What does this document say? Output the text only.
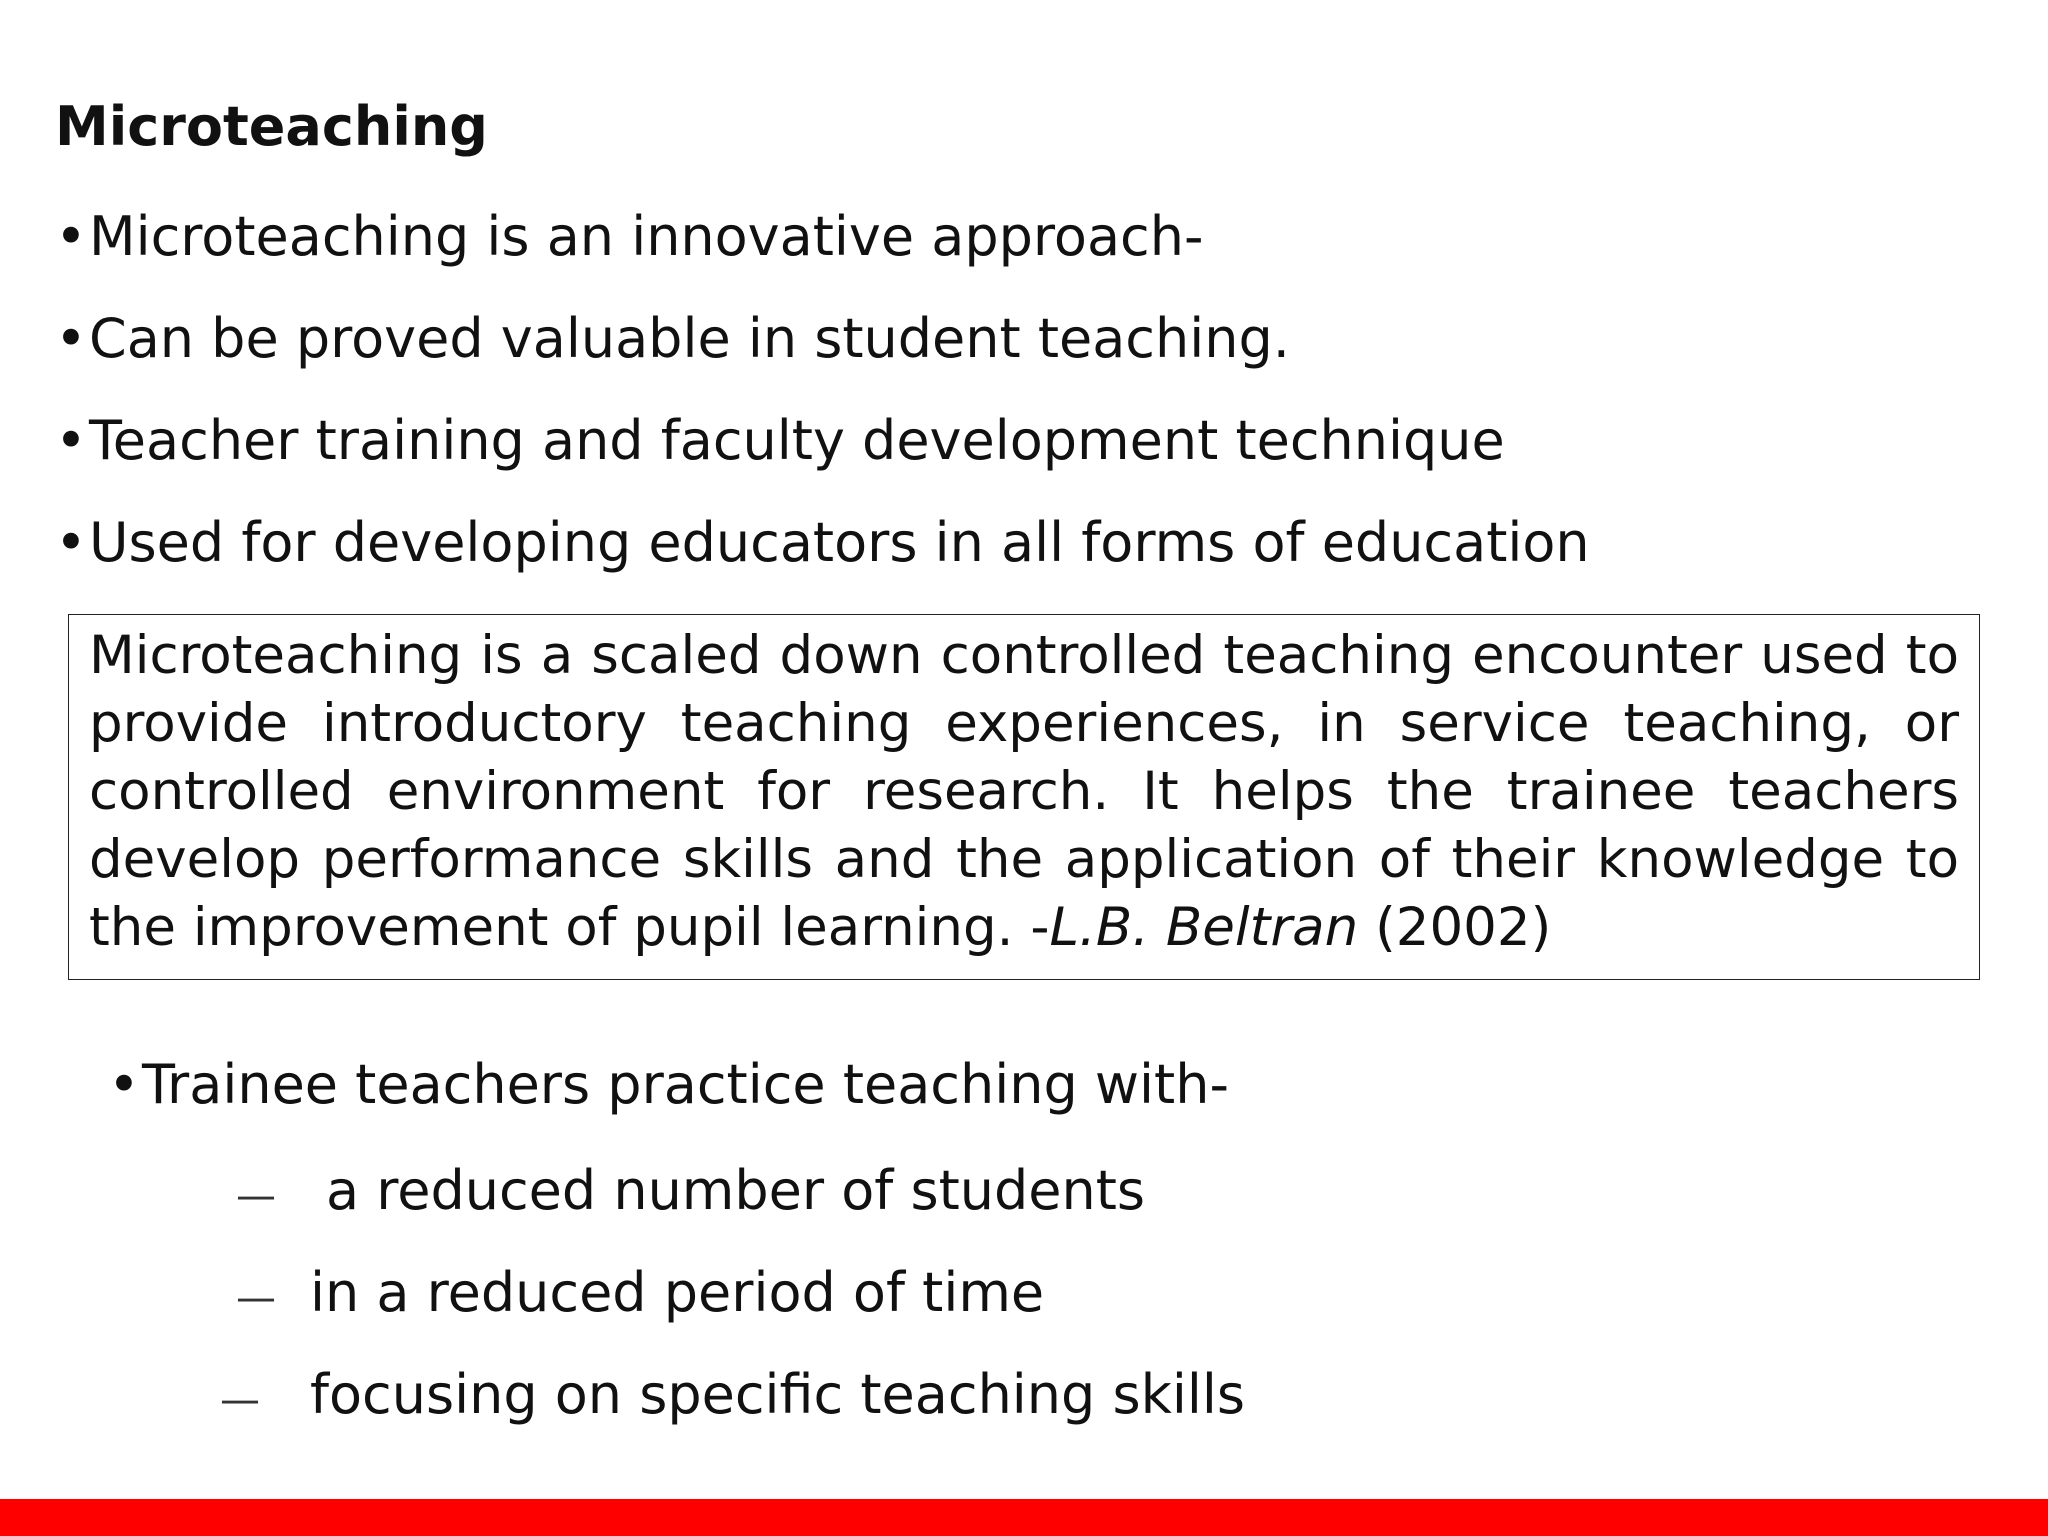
Microteaching
• Microteaching is an innovative approach-
• Can be proved valuable in student teaching.
• Teacher training and faculty development technique
• Used for developing educators in all forms of education
Microteaching is a scaled down controlled teaching encounter used to provide introductory teaching experiences, in service teaching, or controlled environment for research. It helps the trainee teachers develop performance skills and the application of their knowledge to the improvement of pupil learning. -L.B. Beltran (2002)
• Trainee teachers practice teaching with-
— a reduced number of students
— in a reduced period of time
— focusing on specific teaching skills
